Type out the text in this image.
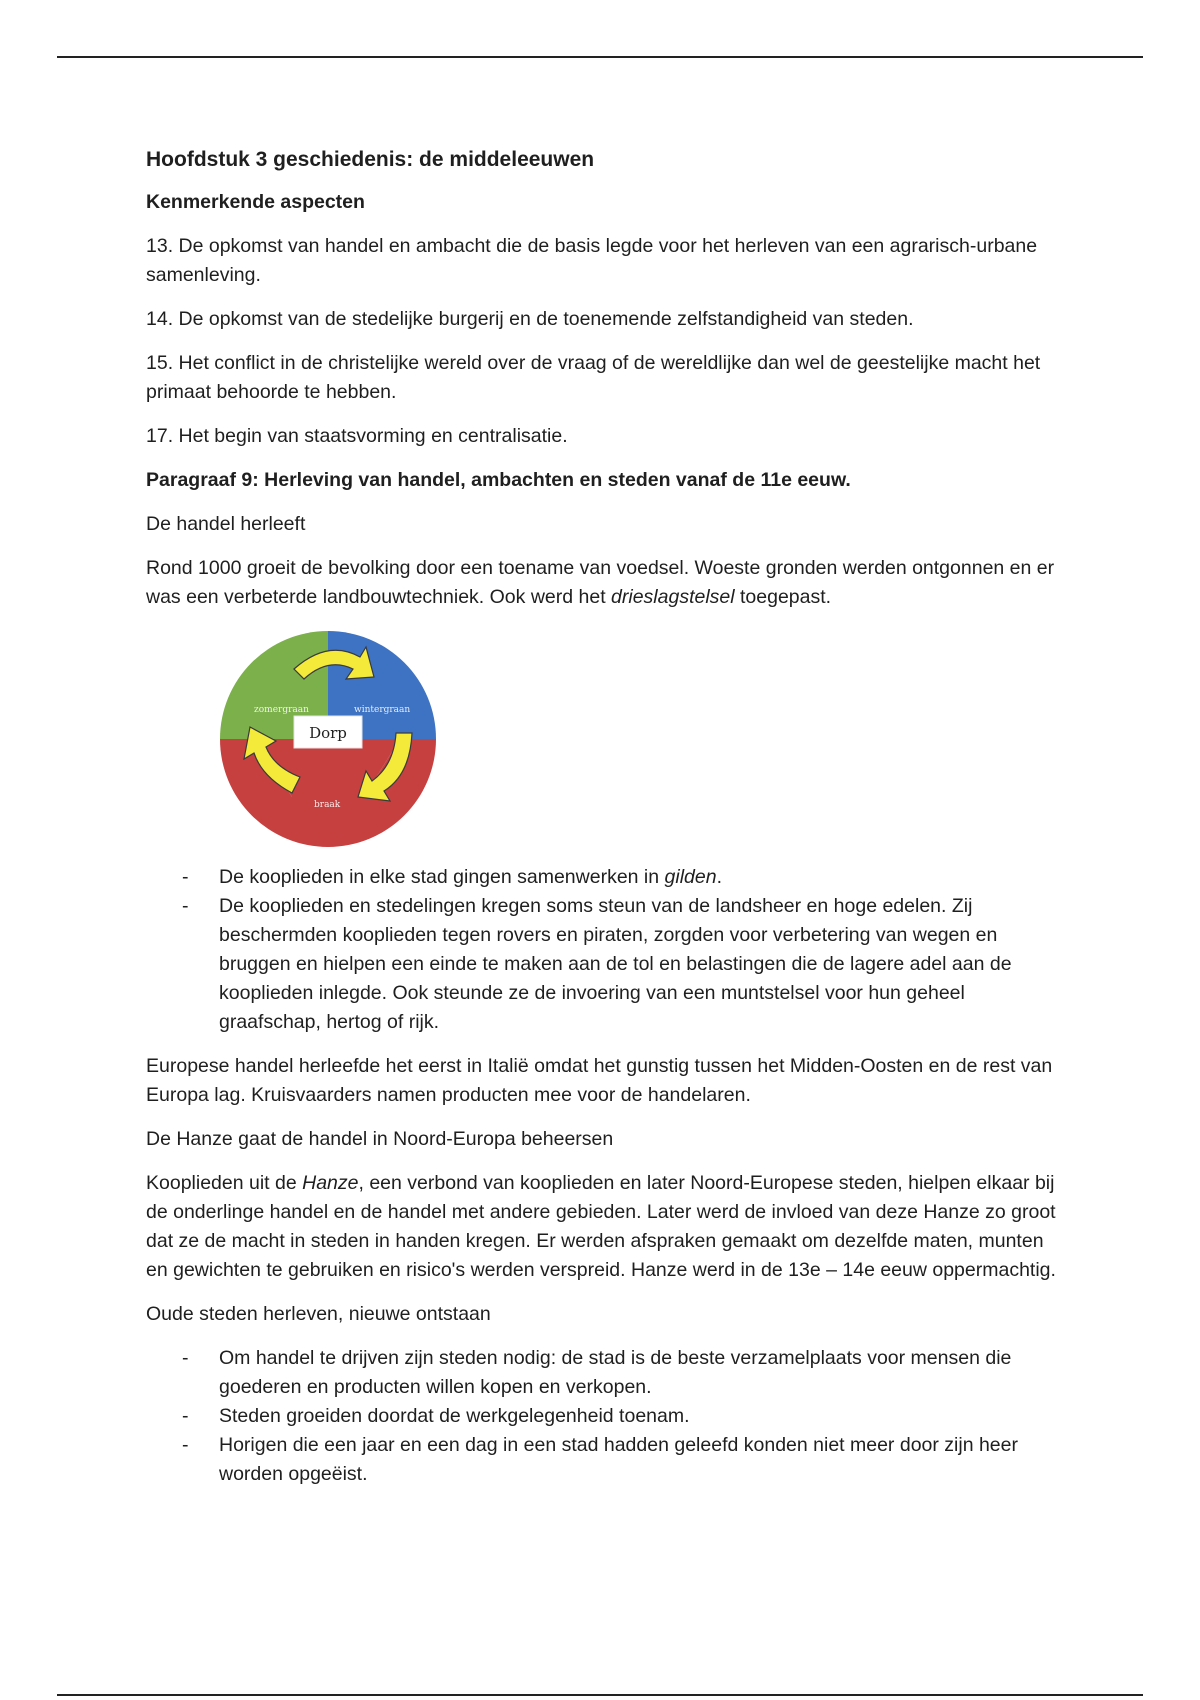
Hoofdstuk 3 geschiedenis: de middeleeuwen

Kenmerkende aspecten

13. De opkomst van handel en ambacht die de basis legde voor het herleven van een agrarisch-urbane samenleving.

14. De opkomst van de stedelijke burgerij en de toenemende zelfstandigheid van steden.

15. Het conflict in de christelijke wereld over de vraag of de wereldlijke dan wel de geestelijke macht het primaat behoorde te hebben.

17. Het begin van staatsvorming en centralisatie.

Paragraaf 9: Herleving van handel, ambachten en steden vanaf de 11e eeuw.

De handel herleeft

Rond 1000 groeit de bevolking door een toename van voedsel. Woeste gronden werden ontgonnen en er was een verbeterde landbouwtechniek. Ook werd het drieslagstelsel toegepast.

zomergraan	wintergraan
braak
Dorp
- De kooplieden in elke stad gingen samenwerken in gilden.
- De kooplieden en stedelingen kregen soms steun van de landsheer en hoge edelen. Zij beschermden kooplieden tegen rovers en piraten, zorgden voor verbetering van wegen en bruggen en hielpen een einde te maken aan de tol en belastingen die de lagere adel aan de kooplieden inlegde. Ook steunde ze de invoering van een muntstelsel voor hun geheel graafschap, hertog of rijk.

Europese handel herleefde het eerst in Italië omdat het gunstig tussen het Midden-Oosten en de rest van Europa lag. Kruisvaarders namen producten mee voor de handelaren.

De Hanze gaat de handel in Noord-Europa beheersen

Kooplieden uit de Hanze, een verbond van kooplieden en later Noord-Europese steden, hielpen elkaar bij de onderlinge handel en de handel met andere gebieden. Later werd de invloed van deze Hanze zo groot dat ze de macht in steden in handen kregen. Er werden afspraken gemaakt om dezelfde maten, munten en gewichten te gebruiken en risico's werden verspreid. Hanze werd in de 13e – 14e eeuw oppermachtig.

Oude steden herleven, nieuwe ontstaan

- Om handel te drijven zijn steden nodig: de stad is de beste verzamelplaats voor mensen die goederen en producten willen kopen en verkopen.
- Steden groeiden doordat de werkgelegenheid toenam.
- Horigen die een jaar en een dag in een stad hadden geleefd konden niet meer door zijn heer worden opgeëist.
